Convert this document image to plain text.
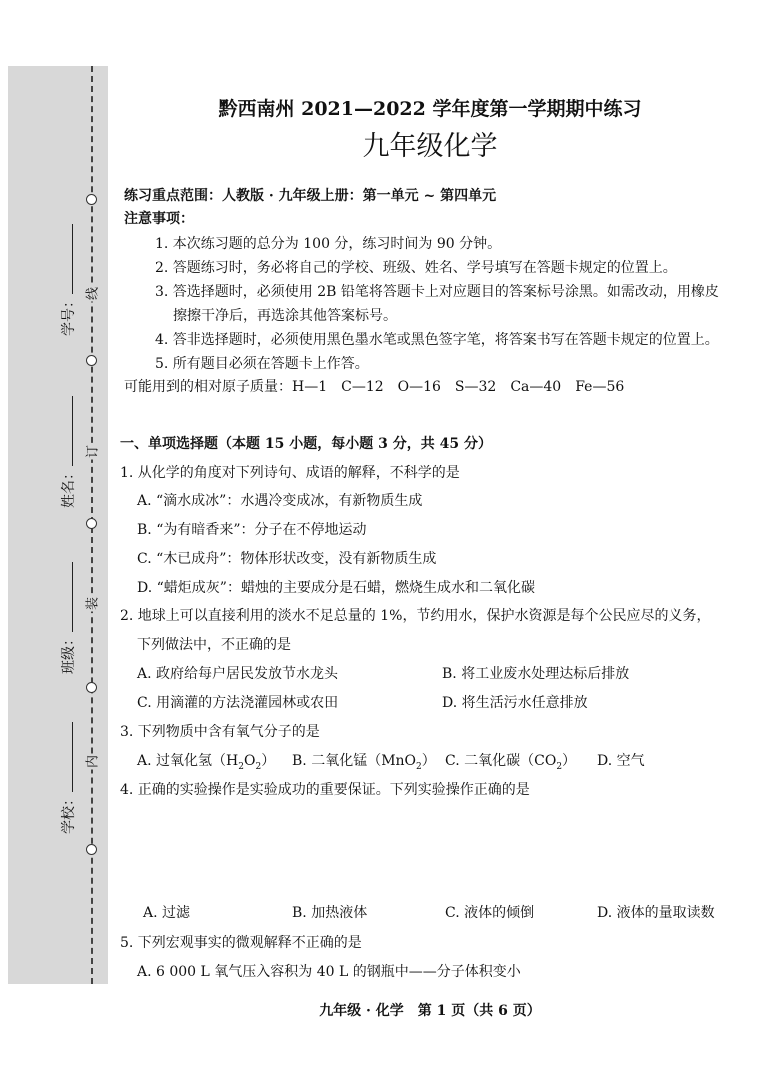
线
订
装
内
学号：
姓名：
班级：
学校：
黔西南州 2021—2022 学年度第一学期期中练习
九年级化学
练习重点范围：人教版 · 九年级上册：第一单元 ~ 第四单元
注意事项：
1. 本次练习题的总分为 100 分，练习时间为 90 分钟。
2. 答题练习时，务必将自己的学校、班级、姓名、学号填写在答题卡规定的位置上。
3. 答选择题时，必须使用 2B 铅笔将答题卡上对应题目的答案标号涂黑。如需改动，用橡皮
擦擦干净后，再选涂其他答案标号。
4. 答非选择题时，必须使用黑色墨水笔或黑色签字笔，将答案书写在答题卡规定的位置上。
5. 所有题目必须在答题卡上作答。
可能用到的相对原子质量：H—1　C—12　O—16　S—32　Ca—40　Fe—56
一、单项选择题（本题 15 小题，每小题 3 分，共 45 分）
1. 从化学的角度对下列诗句、成语的解释，不科学的是
A. “滴水成冰”：水遇冷变成冰，有新物质生成
B. “为有暗香来”：分子在不停地运动
C. “木已成舟”：物体形状改变，没有新物质生成
D. “蜡炬成灰”：蜡烛的主要成分是石蜡，燃烧生成水和二氧化碳
2. 地球上可以直接利用的淡水不足总量的 1%，节约用水，保护水资源是每个公民应尽的义务，
下列做法中，不正确的是
A. 政府给每户居民发放节水龙头	B. 将工业废水处理达标后排放
C. 用滴灌的方法浇灌园林或农田	D. 将生活污水任意排放
3. 下列物质中含有氧气分子的是
A. 过氧化氢$(H_2O_2)$ B. 二氧化锰（MnO$_2$） C. 二氧化碳$(CO_2)$ D. 空气
4. 正确的实验操作是实验成功的重要保证。下列实验操作正确的是
A. 过滤	B. 加热液体	C. 液体的倾倒	D. 液体的量取读数
5. 下列宏观事实的微观解释不正确的是
A. 6 000 L 氧气压入容积为 40 L 的钢瓶中——分子体积变小
九年级 · 化学　第 1 页（共 6 页）
